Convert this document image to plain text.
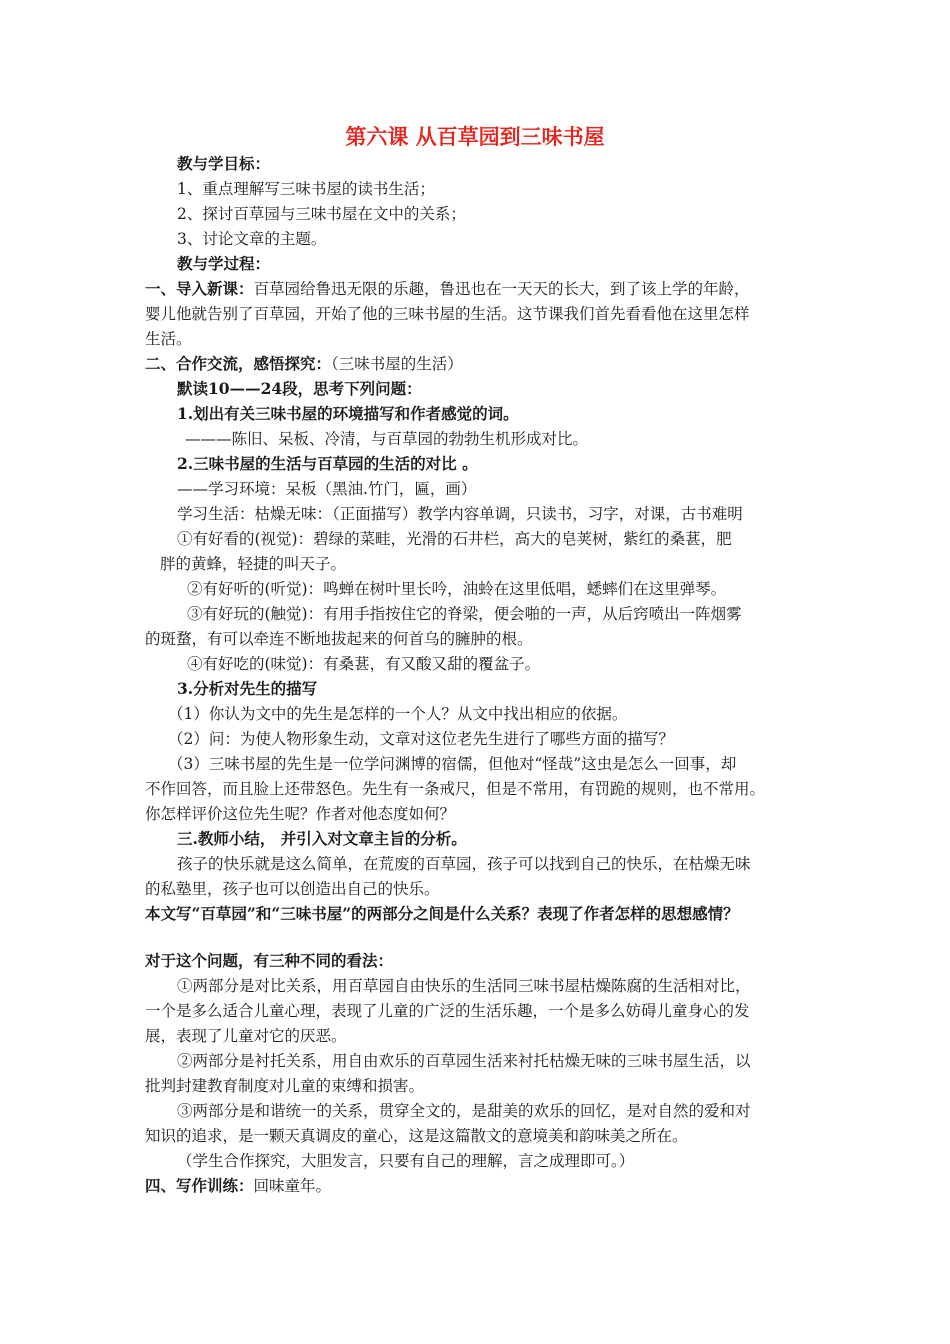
第六课 从百草园到三味书屋
教与学目标：
1、重点理解写三味书屋的读书生活；
2、探讨百草园与三味书屋在文中的关系；
3、讨论文章的主题。
教与学过程：
一、导入新课：百草园给鲁迅无限的乐趣，鲁迅也在一天天的长大，到了该上学的年龄，
婴儿他就告别了百草园，开始了他的三味书屋的生活。这节课我们首先看看他在这里怎样
生活。
二、合作交流，感悟探究：（三味书屋的生活）
默读10——24段，思考下列问题：
1.划出有关三味书屋的环境描写和作者感觉的词。
———陈旧、呆板、冷清，与百草园的勃勃生机形成对比。
2.三味书屋的生活与百草园的生活的对比 。
——学习环境：呆板（黑油.竹门，匾，画）
学习生活：枯燥无味：（正面描写）教学内容单调，只读书，习字，对课，古书难明
①有好看的(视觉)：碧绿的菜畦，光滑的石井栏，高大的皂荚树，紫红的桑葚，肥
胖的黄蜂，轻捷的叫天子。
②有好听的(听觉)：鸣蝉在树叶里长吟，油蛉在这里低唱，蟋蟀们在这里弹琴。
③有好玩的(触觉)：有用手指按住它的脊梁，便会啪的一声，从后窍喷出一阵烟雾
的斑蝥，有可以牵连不断地拔起来的何首乌的臃肿的根。
④有好吃的(味觉)：有桑葚，有又酸又甜的覆盆子。
3.分析对先生的描写
（1）你认为文中的先生是怎样的一个人？从文中找出相应的依据。
（2）问：为使人物形象生动，文章对这位老先生进行了哪些方面的描写？
（3）三味书屋的先生是一位学问渊博的宿儒，但他对“怪哉”这虫是怎么一回事，却
不作回答，而且脸上还带怒色。先生有一条戒尺，但是不常用，有罚跪的规则，也不常用。
你怎样评价这位先生呢？作者对他态度如何？
三.教师小结， 并引入对文章主旨的分析。
孩子的快乐就是这么简单，在荒废的百草园，孩子可以找到自己的快乐，在枯燥无味
的私塾里，孩子也可以创造出自己的快乐。
本文写“百草园”和“三味书屋”的两部分之间是什么关系？表现了作者怎样的思想感情？
对于这个问题，有三种不同的看法：
①两部分是对比关系，用百草园自由快乐的生活同三味书屋枯燥陈腐的生活相对比，
一个是多么适合儿童心理，表现了儿童的广泛的生活乐趣，一个是多么妨碍儿童身心的发
展，表现了儿童对它的厌恶。
②两部分是衬托关系，用自由欢乐的百草园生活来衬托枯燥无味的三味书屋生活，以
批判封建教育制度对儿童的束缚和损害。
③两部分是和谐统一的关系，贯穿全文的，是甜美的欢乐的回忆，是对自然的爱和对
知识的追求，是一颗天真调皮的童心，这是这篇散文的意境美和韵味美之所在。
（学生合作探究，大胆发言，只要有自己的理解，言之成理即可。）
四、写作训练：回味童年。
